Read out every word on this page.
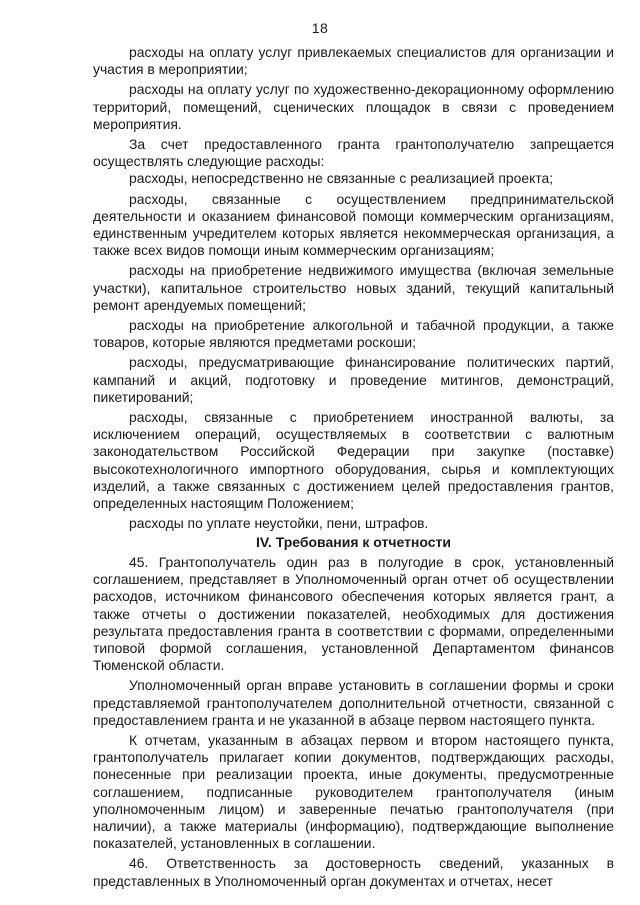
18

расходы на оплату услуг привлекаемых специалистов для организации и участия в мероприятии;

расходы на оплату услуг по художественно-декорационному оформлению территорий, помещений, сценических площадок в связи с проведением мероприятия.

За счет предоставленного гранта грантополучателю запрещается осуществлять следующие расходы:

расходы, непосредственно не связанные с реализацией проекта;

расходы, связанные с осуществлением предпринимательской деятельности и оказанием финансовой помощи коммерческим организациям, единственным учредителем которых является некоммерческая организация, а также всех видов помощи иным коммерческим организациям;

расходы на приобретение недвижимого имущества (включая земельные участки), капитальное строительство новых зданий, текущий капитальный ремонт арендуемых помещений;

расходы на приобретение алкогольной и табачной продукции, а также товаров, которые являются предметами роскоши;

расходы, предусматривающие финансирование политических партий, кампаний и акций, подготовку и проведение митингов, демонстраций, пикетирований;

расходы, связанные с приобретением иностранной валюты, за исключением операций, осуществляемых в соответствии с валютным законодательством Российской Федерации при закупке (поставке) высокотехнологичного импортного оборудования, сырья и комплектующих изделий, а также связанных с достижением целей предоставления грантов, определенных настоящим Положением;

расходы по уплате неустойки, пени, штрафов.

IV. Требования к отчетности

45. Грантополучатель один раз в полугодие в срок, установленный соглашением, представляет в Уполномоченный орган отчет об осуществлении расходов, источником финансового обеспечения которых является грант, а также отчеты о достижении показателей, необходимых для достижения результата предоставления гранта в соответствии с формами, определенными типовой формой соглашения, установленной Департаментом финансов Тюменской области.

Уполномоченный орган вправе установить в соглашении формы и сроки представляемой грантополучателем дополнительной отчетности, связанной с предоставлением гранта и не указанной в абзаце первом настоящего пункта.

К отчетам, указанным в абзацах первом и втором настоящего пункта, грантополучатель прилагает копии документов, подтверждающих расходы, понесенные при реализации проекта, иные документы, предусмотренные соглашением, подписанные руководителем грантополучателя (иным уполномоченным лицом) и заверенные печатью грантополучателя (при наличии), а также материалы (информацию), подтверждающие выполнение показателей, установленных в соглашении.

46. Ответственность за достоверность сведений, указанных в представленных в Уполномоченный орган документах и отчетах, несет
